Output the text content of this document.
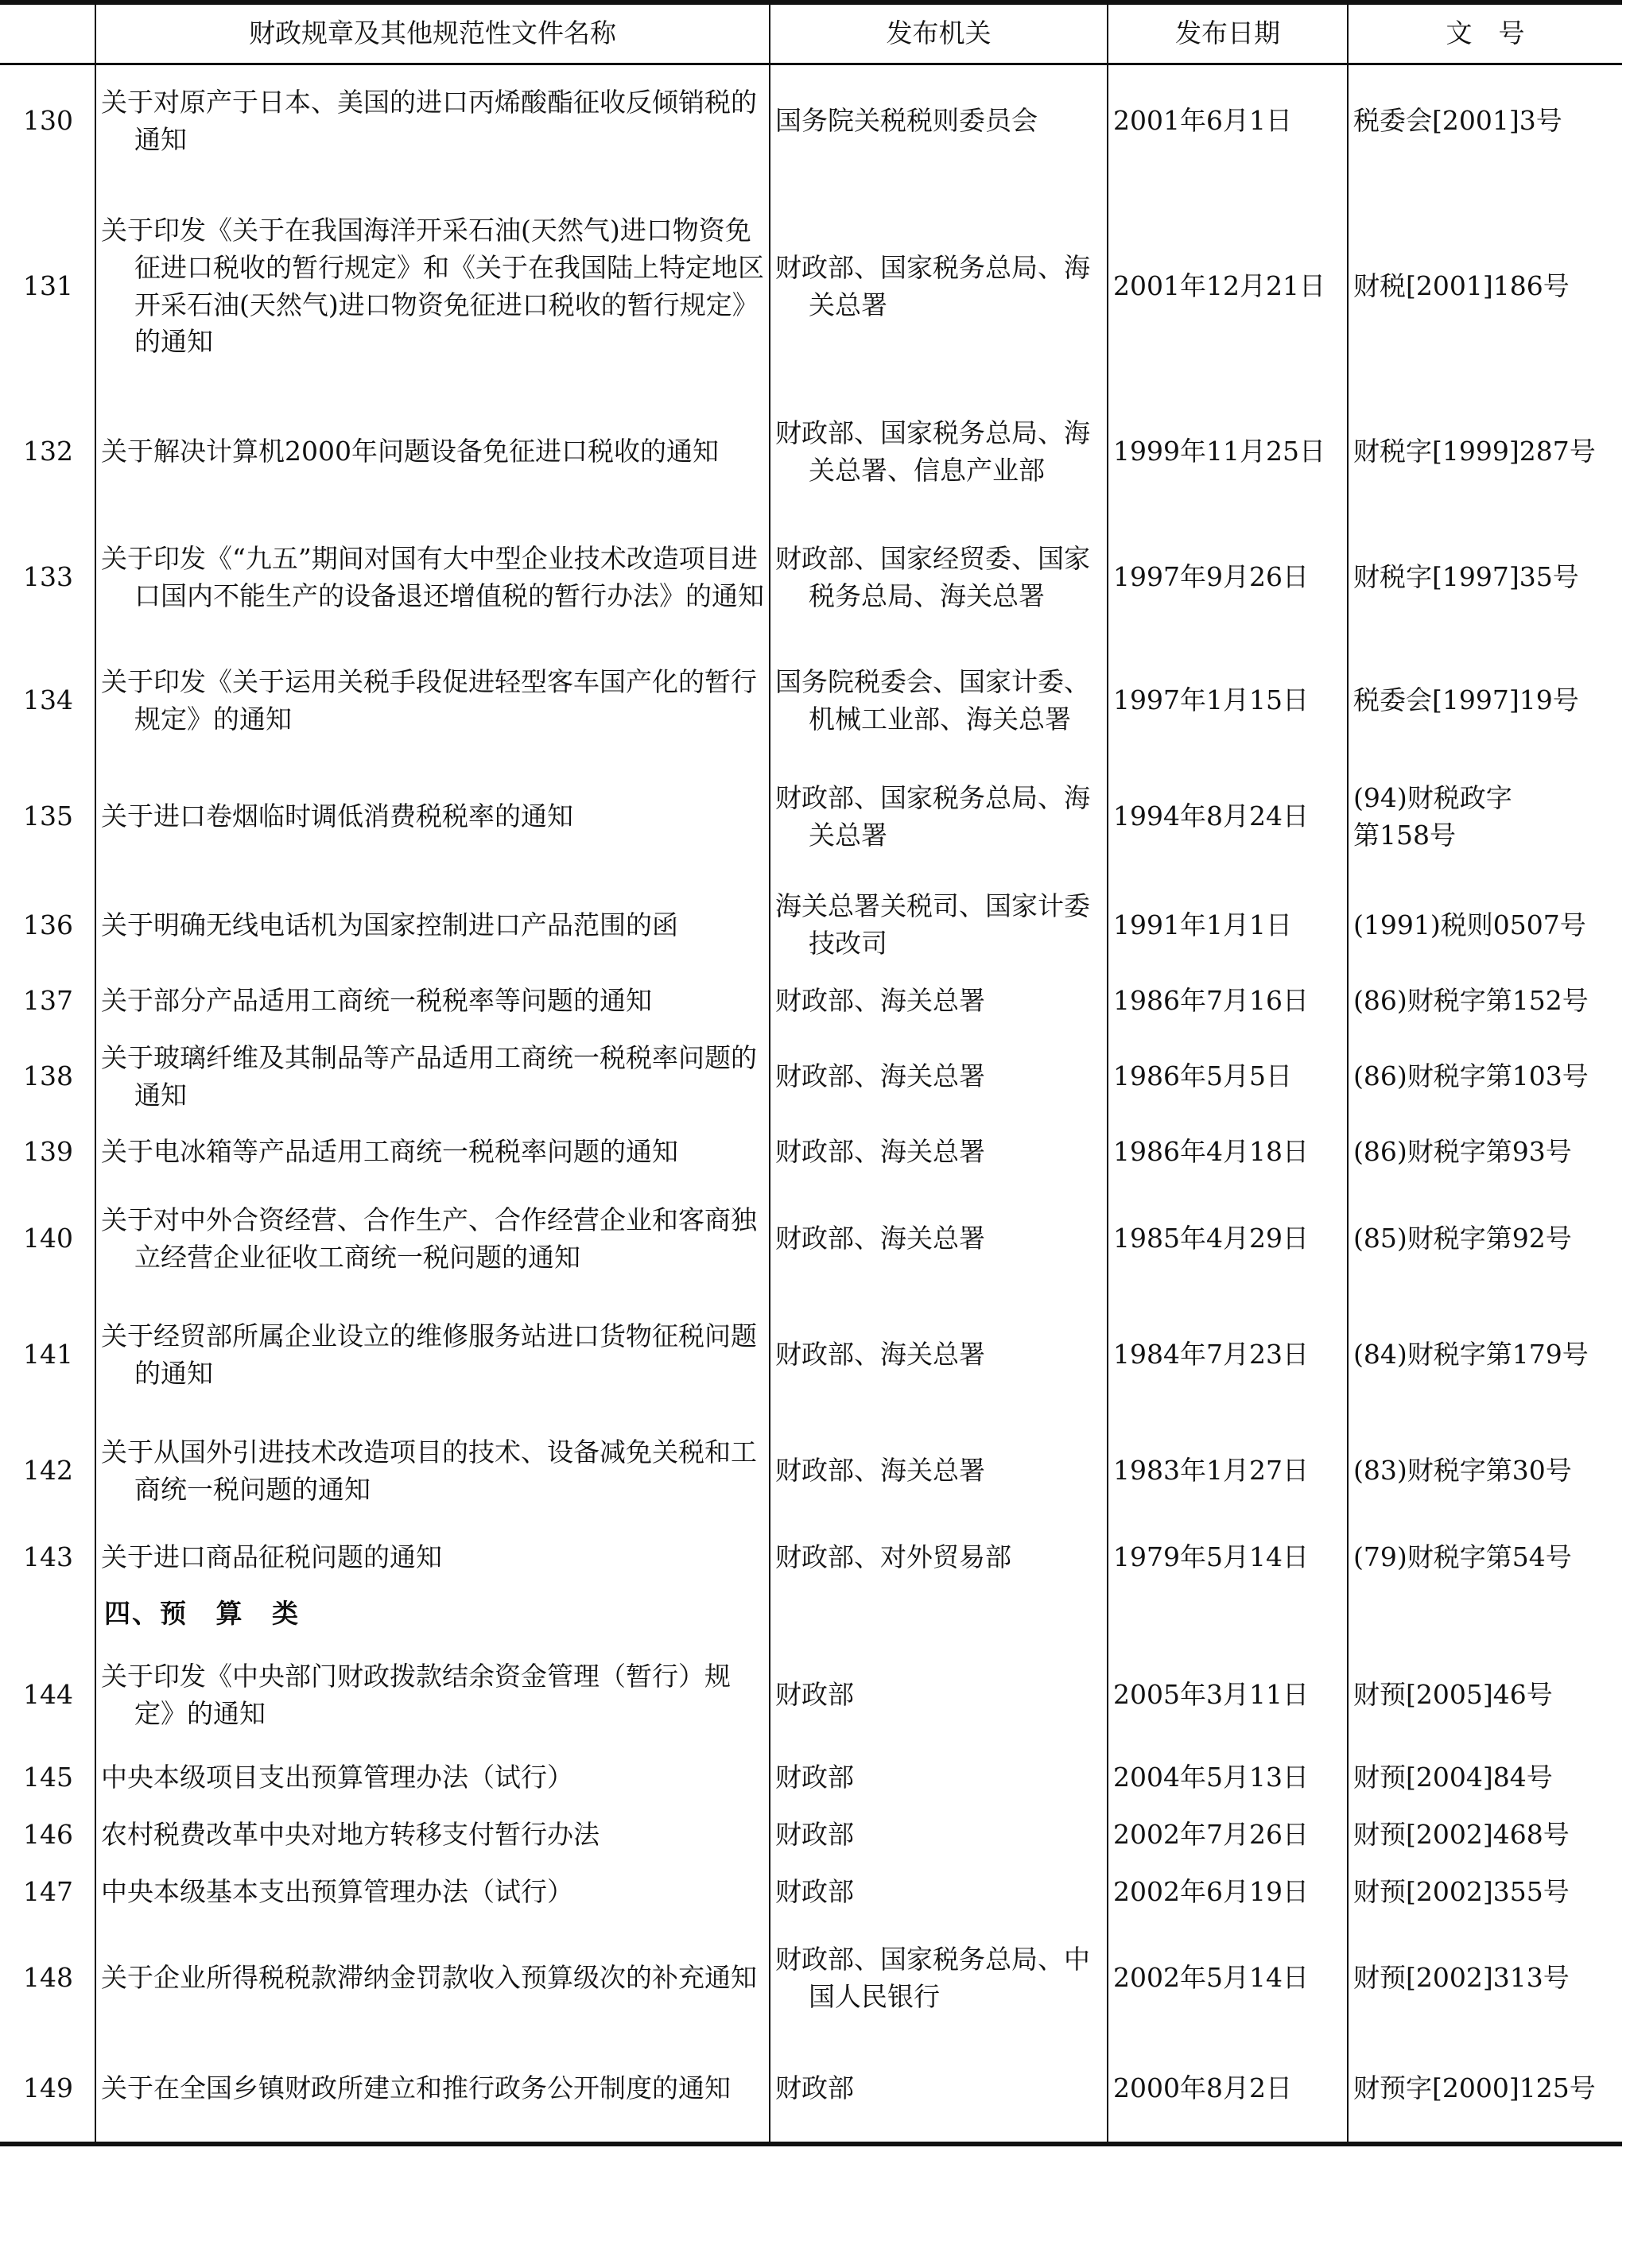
	财政规章及其他规范性文件名称	发布机关	发布日期	文　号
130	关于对原产于日本、美国的进口丙烯酸酯征收反倾销税的通知	国务院关税税则委员会	2001年6月1日	税委会[2001]3号
131	关于印发《关于在我国海洋开采石油(天然气)进口物资免征进口税收的暂行规定》和《关于在我国陆上特定地区开采石油(天然气)进口物资免征进口税收的暂行规定》的通知	财政部、国家税务总局、海关总署	2001年12月21日	财税[2001]186号
132	关于解决计算机2000年问题设备免征进口税收的通知	财政部、国家税务总局、海关总署、信息产业部	1999年11月25日	财税字[1999]287号
133	关于印发《“九五”期间对国有大中型企业技术改造项目进口国内不能生产的设备退还增值税的暂行办法》的通知	财政部、国家经贸委、国家税务总局、海关总署	1997年9月26日	财税字[1997]35号
134	关于印发《关于运用关税手段促进轻型客车国产化的暂行规定》的通知	国务院税委会、国家计委、机械工业部、海关总署	1997年1月15日	税委会[1997]19号
135	关于进口卷烟临时调低消费税税率的通知	财政部、国家税务总局、海关总署	1994年8月24日	(94)财税政字第158号

136	关于明确无线电话机为国家控制进口产品范围的函	海关总署关税司、国家计委技改司	1991年1月1日	(1991)税则0507号
137	关于部分产品适用工商统一税税率等问题的通知	财政部、海关总署	1986年7月16日	(86)财税字第152号
138	关于玻璃纤维及其制品等产品适用工商统一税税率问题的通知	财政部、海关总署	1986年5月5日	(86)财税字第103号
139	关于电冰箱等产品适用工商统一税税率问题的通知	财政部、海关总署	1986年4月18日	(86)财税字第93号
140	关于对中外合资经营、合作生产、合作经营企业和客商独立经营企业征收工商统一税问题的通知	财政部、海关总署	1985年4月29日	(85)财税字第92号
141	关于经贸部所属企业设立的维修服务站进口货物征税问题的通知	财政部、海关总署	1984年7月23日	(84)财税字第179号
142	关于从国外引进技术改造项目的技术、设备减免关税和工商统一税问题的通知	财政部、海关总署	1983年1月27日	(83)财税字第30号
143	关于进口商品征税问题的通知	财政部、对外贸易部	1979年5月14日	(79)财税字第54号
	四、预 算 类			
144	关于印发《中央部门财政拨款结余资金管理（暂行）规定》的通知	财政部	2005年3月11日	财预[2005]46号
145	中央本级项目支出预算管理办法（试行）	财政部	2004年5月13日	财预[2004]84号
146	农村税费改革中央对地方转移支付暂行办法	财政部	2002年7月26日	财预[2002]468号
147	中央本级基本支出预算管理办法（试行）	财政部	2002年6月19日	财预[2002]355号
148	关于企业所得税税款滞纳金罚款收入预算级次的补充通知	财政部、国家税务总局、中国人民银行	2002年5月14日	财预[2002]313号
149	关于在全国乡镇财政所建立和推行政务公开制度的通知	财政部	2000年8月2日	财预字[2000]125号
